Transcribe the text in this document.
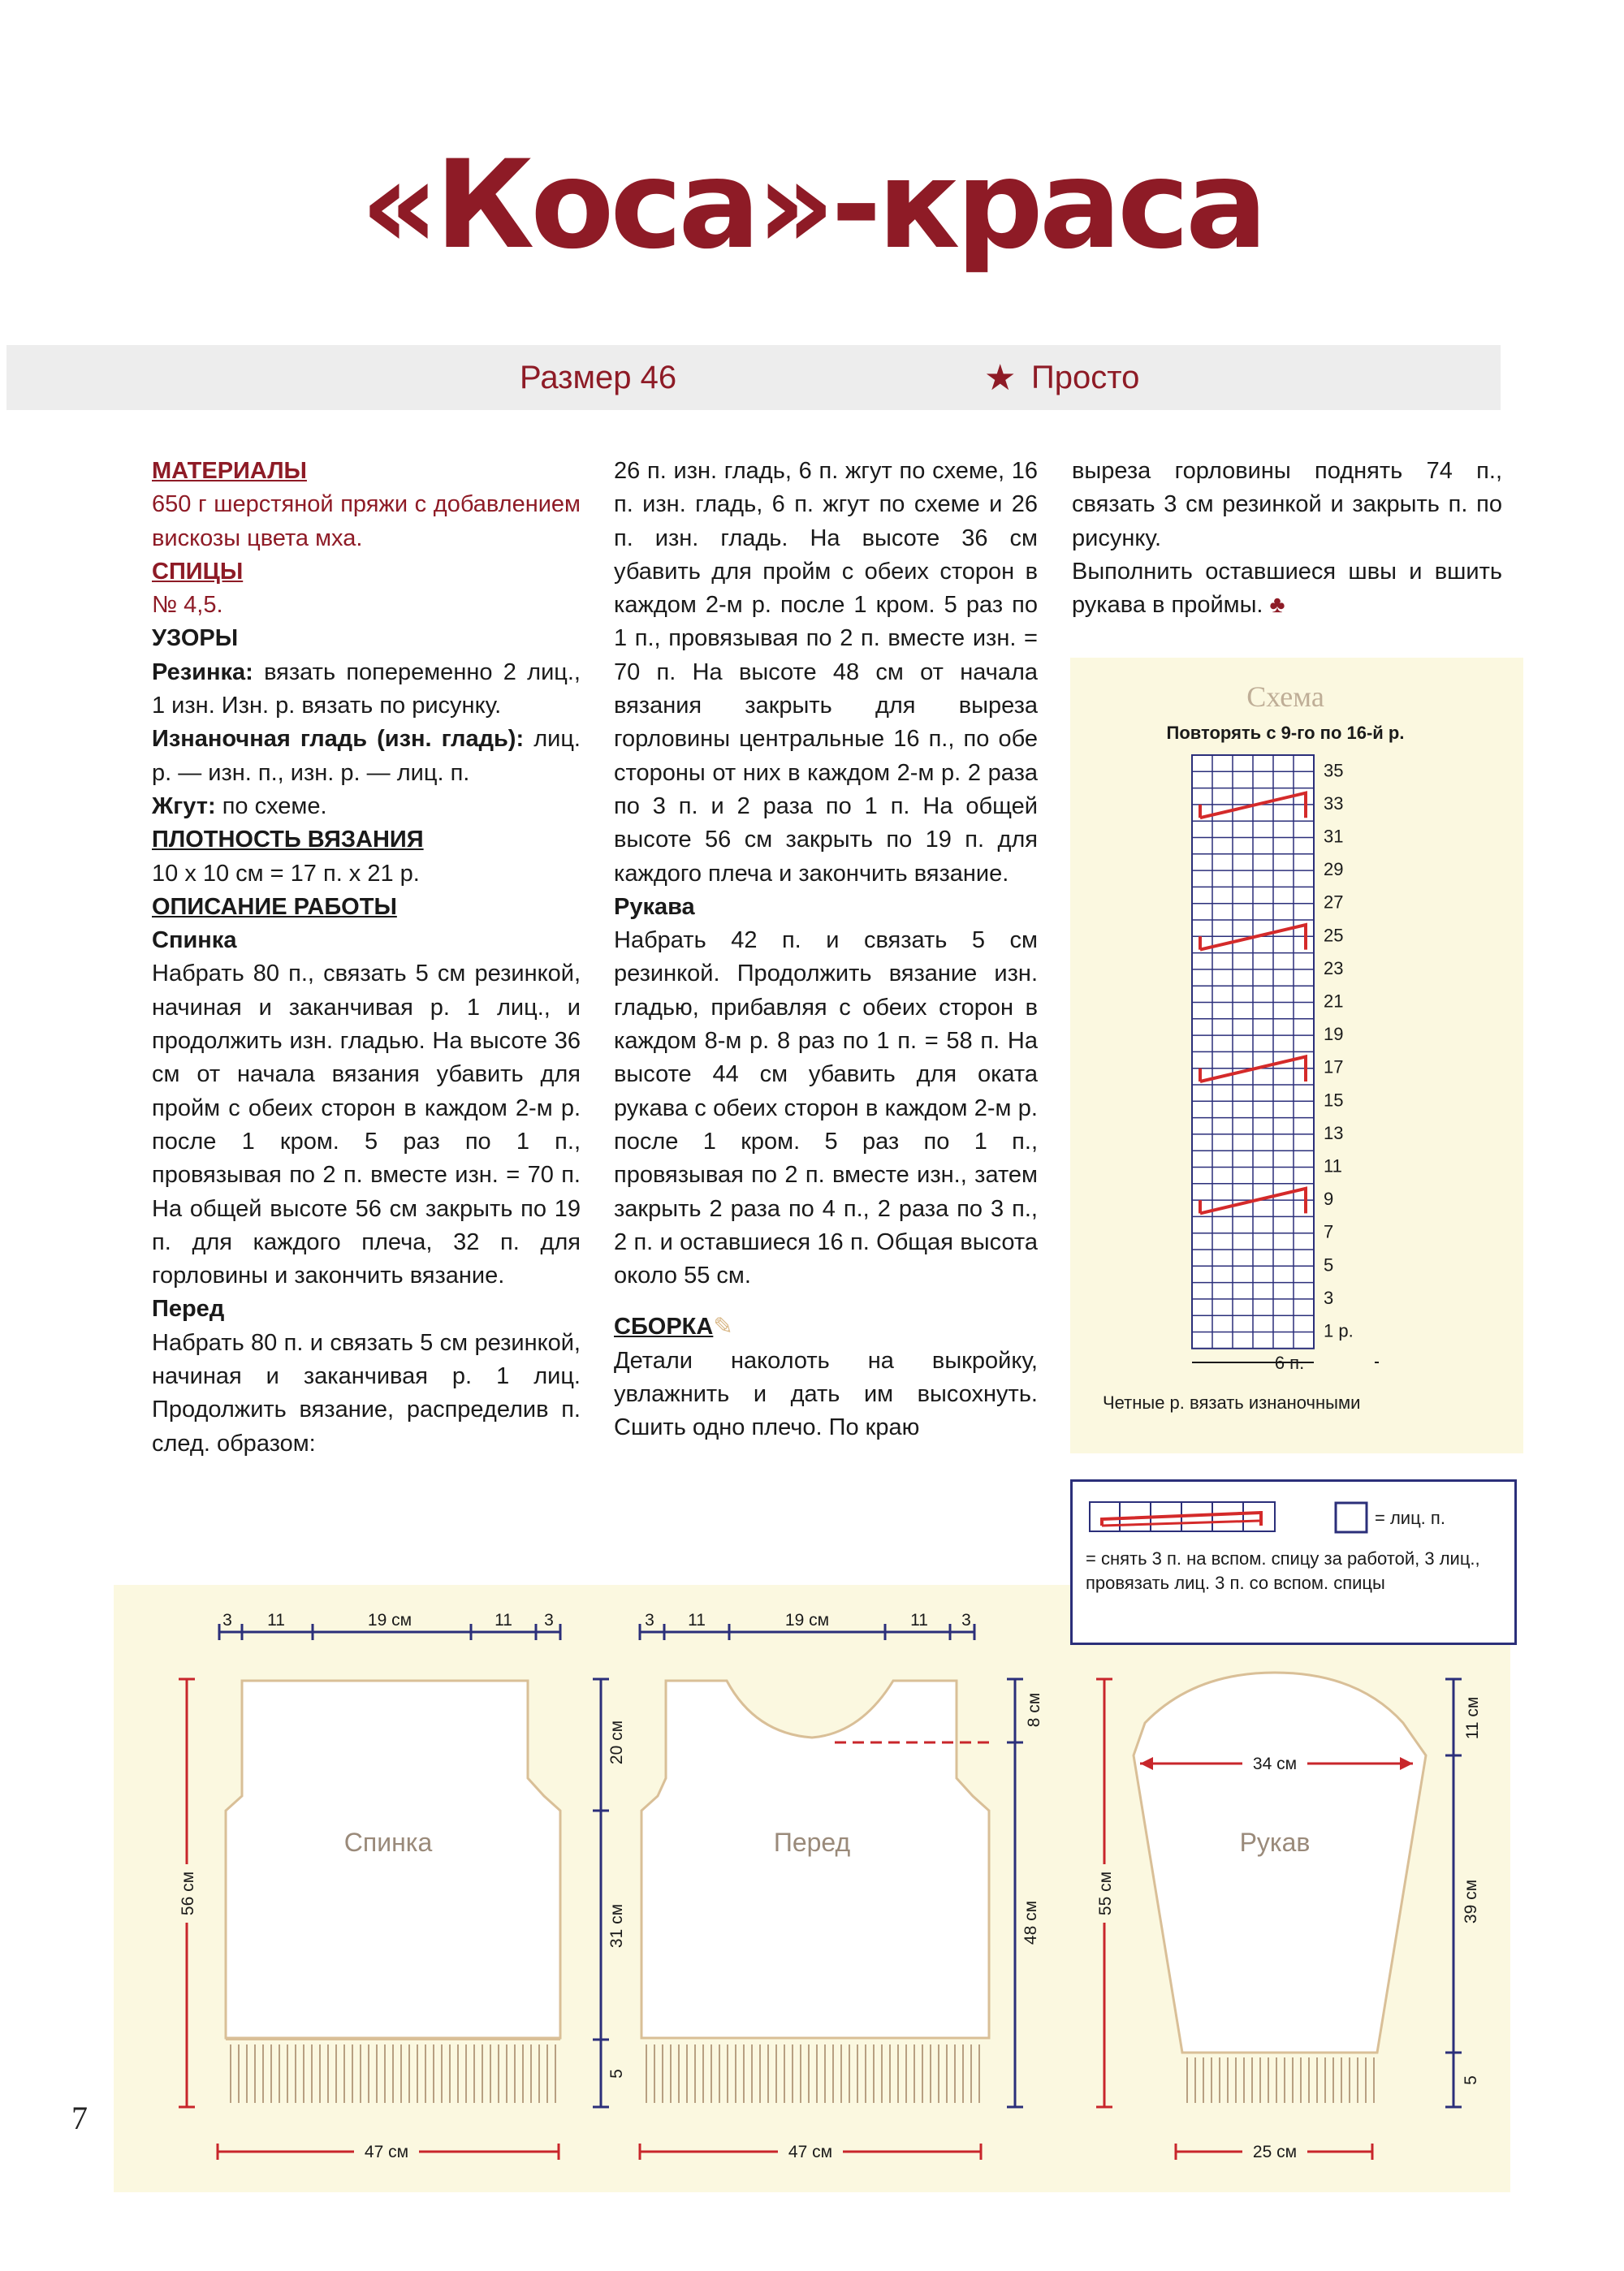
«Коса»-краса
Размер 46	★ Просто

МАТЕРИАЛЫ

650 г шерстяной пряжи с добавлением вискозы цвета мха.

СПИЦЫ

№ 4,5.

УЗОРЫ

Резинка: вязать попеременно 2 лиц., 1 изн. Изн. р. вязать по рисунку.

Изнаночная гладь (изн. гладь): лиц. р. — изн. п., изн. р. — лиц. п.

Жгут: по схеме.

ПЛОТНОСТЬ ВЯЗАНИЯ

10 х 10 см = 17 п. х 21 р.

ОПИСАНИЕ РАБОТЫ

Спинка

Набрать 80 п., связать 5 см резинкой, начиная и заканчивая р. 1 лиц., и продолжить изн. гладью. На высоте 36 см от начала вязания убавить для пройм с обеих сторон в каждом 2-м р. после 1 кром. 5 раз по 1 п., провязывая по 2 п. вместе изн. = 70 п. На общей высоте 56 см закрыть по 19 п. для каждого плеча, 32 п. для горловины и закончить вязание.

Перед

Набрать 80 п. и связать 5 см резинкой, начиная и заканчивая р. 1 лиц. Продолжить вязание, распределив п. след. образом:

26 п. изн. гладь, 6 п. жгут по схеме, 16 п. изн. гладь, 6 п. жгут по схеме и 26 п. изн. гладь. На высоте 36 см убавить для пройм с обеих сторон в каждом 2-м р. после 1 кром. 5 раз по 1 п., провязывая по 2 п. вместе изн. = 70 п. На высоте 48 см от начала вязания закрыть для выреза горловины центральные 16 п., по обе стороны от них в каждом 2-м р. 2 раза по 3 п. и 2 раза по 1 п. На общей высоте 56 см закрыть по 19 п. для каждого плеча и закончить вязание.

Рукава

Набрать 42 п. и связать 5 см резинкой. Продолжить вязание изн. гладью, прибавляя с обеих сторон в каждом 8-м р. 8 раз по 1 п. = 58 п. На высоте 44 см убавить для оката рукава с обеих сторон в каждом 2-м р. после 1 кром. 5 раз по 1 п., провязывая по 2 п. вместе изн., затем закрыть 2 раза по 4 п., 2 раза по 3 п., 2 п. и оставшиеся 16 п. Общая высота около 55 см.

СБОРКА✎

Детали наколоть на выкройку, увлажнить и дать им высохнуть. Сшить одно плечо. По краю

выреза горловины поднять 74 п., связать 3 см резинкой и закрыть п. по рисунку.

Выполнить оставшиеся швы и вшить рукава в проймы. ♣

Схема
Повторять с 9-го по 16-й р.
35
33
31
29
27
25
23
21
19
17
15
13
11
9
7
5
3
1 р.
6 п.
Четные р. вязать изнаночными
= лиц. п.
= снять 3 п. на вспом. спицу за работой, 3 лиц., провязать лиц. 3 п. со вспом. спицы
Спинка
3 11	19 см	11 3
56 см
47 см
Перед
3 11	19 см	11 3
20 см
31 см
5
8 см
48 см
47 см
Рукав
34 см
55 см
11 см
39 см
5
25 см
7
